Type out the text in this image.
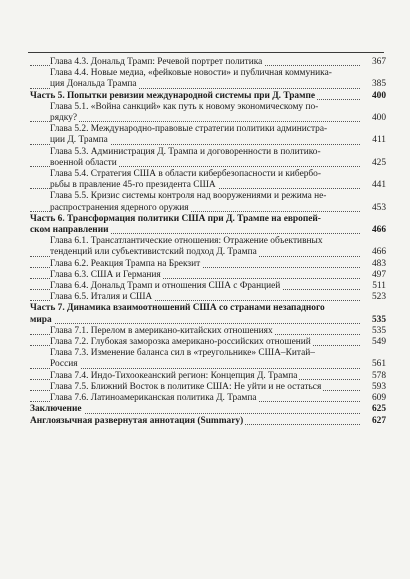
Глава 4.3. Дональд Трамп: Речевой портрет политика	367
Глава 4.4. Новые медиа, «фейковые новости» и публичная коммуника-
ция Дональда Трампа	385
Часть 5. Попытки ревизии международной системы при Д. Трампе	400
Глава 5.1. «Война санкций» как путь к новому экономическому по-
рядку?	400
Глава 5.2. Международно-правовые стратегии политики администра-
ции Д. Трампа	411
Глава 5.3. Администрация Д. Трампа и договоренности в политико-
военной области	425
Глава 5.4. Стратегия США в области кибербезопасности и кибербо-
рьбы в правление 45-го президента США	441
Глава 5.5. Кризис системы контроля над вооружениями и режима не-
распространения ядерного оружия	453
Часть 6. Трансформация политики США при Д. Трампе на европей-
ском направлении	466
Глава 6.1. Трансатлантические отношения: Отражение объективных
тенденций или субъективистский подход Д. Трампа	466
Глава 6.2. Реакция Трампа на Брекзит	483
Глава 6.3. США и Германия	497
Глава 6.4. Дональд Трамп и отношения США с Францией	511
Глава 6.5. Италия и США	523
Часть 7. Динамика взаимоотношений США со странами незападного
мира	535
Глава 7.1. Перелом в американо-китайских отношениях	535
Глава 7.2. Глубокая заморозка американо-российских отношений	549
Глава 7.3. Изменение баланса сил в «треугольнике» США–Китай–
Россия	561
Глава 7.4. Индо-Тихоокеанский регион: Концепция Д. Трампа	578
Глава 7.5. Ближний Восток в политике США: Не уйти и не остаться	593
Глава 7.6. Латиноамериканская политика Д. Трампа	609
Заключение	625
Англоязычная развернутая аннотация (Summary)	627
